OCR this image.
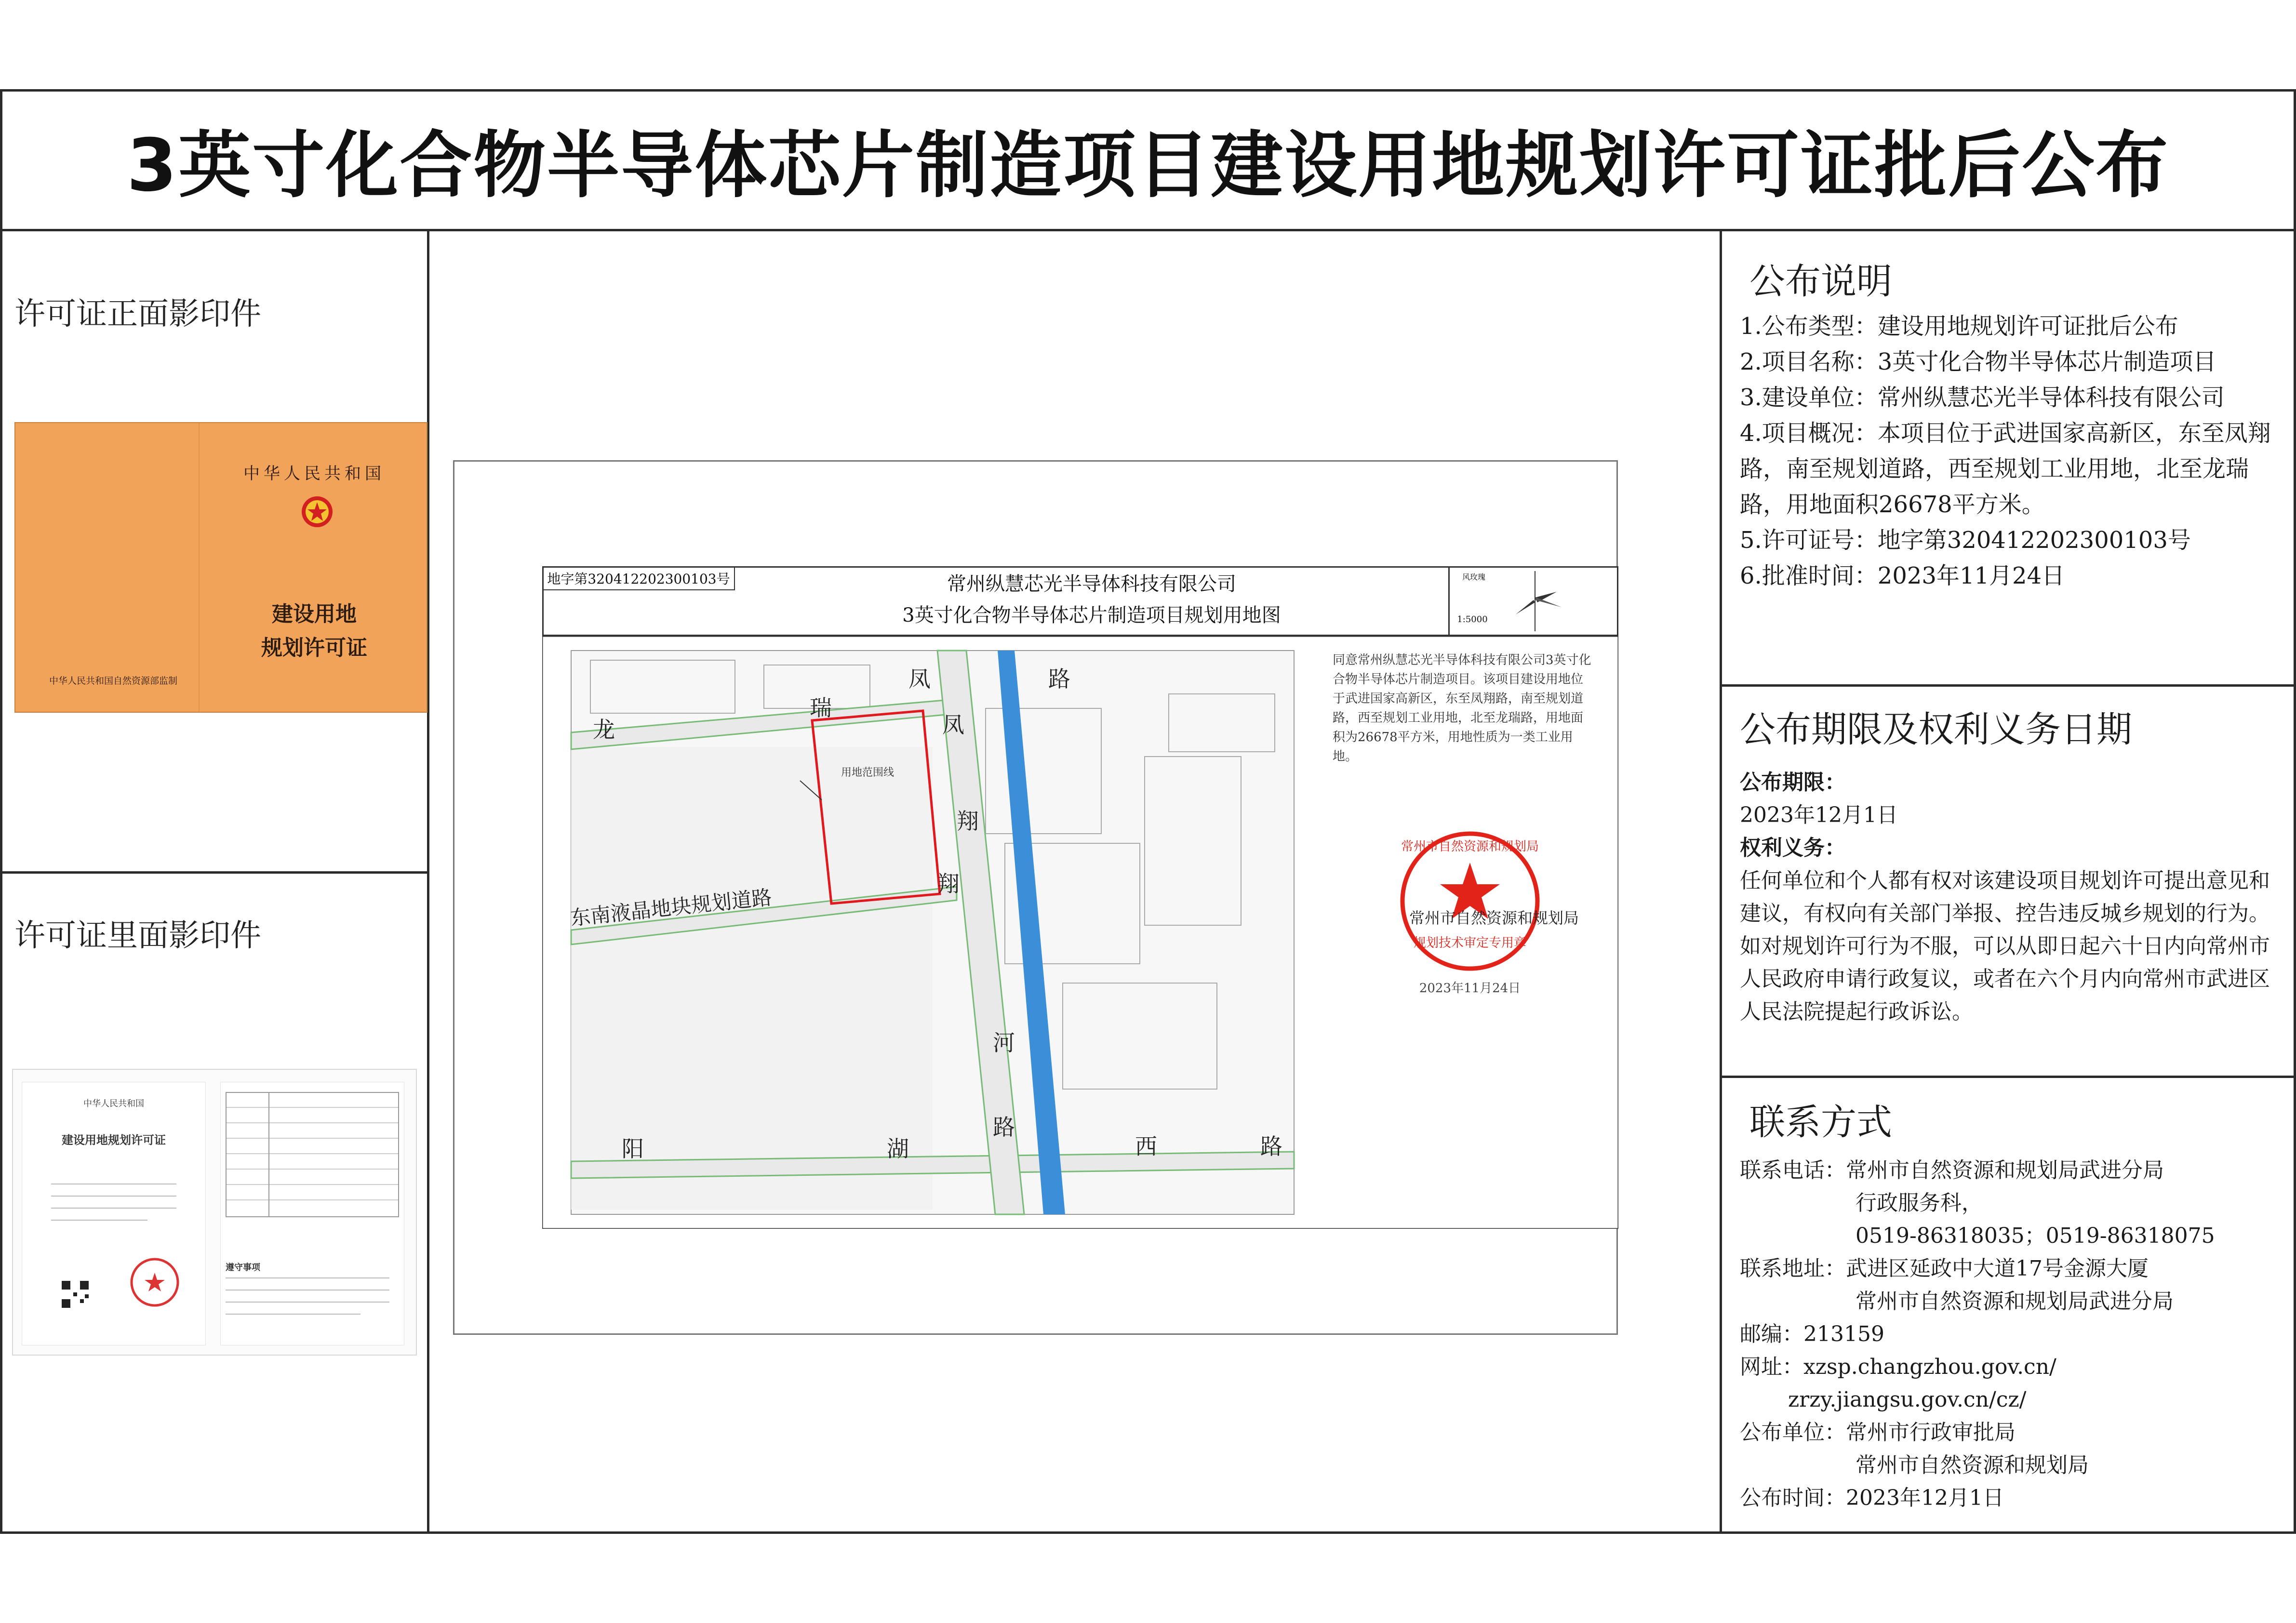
3英寸化合物半导体芯片制造项目建设用地规划许可证批后公布
许可证正面影印件
中华人民共和国
建设用地
规划许可证
中华人民共和国自然资源部监制
许可证里面影印件
中华人民共和国
建设用地规划许可证
遵守事项
地字第320412202300103号	常州纵慧芯光半导体科技有限公司
3英寸化合物半导体芯片制造项目规划用地图
风玫瑰
1:5000
用地范围线
龙
瑞
凤	路
凤
翔
翔
河
路
阳	湖	西	路
东南液晶地块规划道路
同意常州纵慧芯光半导体科技有限公司3英寸化合物半导体芯片制造项目。该项目建设用地位于武进国家高新区，东至凤翔路，南至规划道路，西至规划工业用地，北至龙瑞路，用地面积为26678平方米，用地性质为一类工业用地。
常州市自然资源和规划局
规划技术审定专用章
常州市自然资源和规划局
2023年11月24日
公布说明

1.公布类型：建设用地规划许可证批后公布

2.项目名称：3英寸化合物半导体芯片制造项目

3.建设单位：常州纵慧芯光半导体科技有限公司

4.项目概况：本项目位于武进国家高新区，东至凤翔路，南至规划道路，西至规划工业用地，北至龙瑞路，用地面积26678平方米。

5.许可证号：地字第320412202300103号

6.批准时间：2023年11月24日

公布期限及权利义务日期

公布期限：

2023年12月1日

权利义务：

任何单位和个人都有权对该建设项目规划许可提出意见和建议，有权向有关部门举报、控告违反城乡规划的行为。如对规划许可行为不服，可以从即日起六十日内向常州市人民政府申请行政复议，或者在六个月内向常州市武进区人民法院提起行政诉讼。

联系方式

联系电话：常州市自然资源和规划局武进分局

行政服务科，

0519-86318035；0519-86318075

联系地址：武进区延政中大道17号金源大厦

常州市自然资源和规划局武进分局

邮编：213159

网址：xzsp.changzhou.gov.cn/

zrzy.jiangsu.gov.cn/cz/

公布单位：常州市行政审批局

常州市自然资源和规划局

公布时间：2023年12月1日
